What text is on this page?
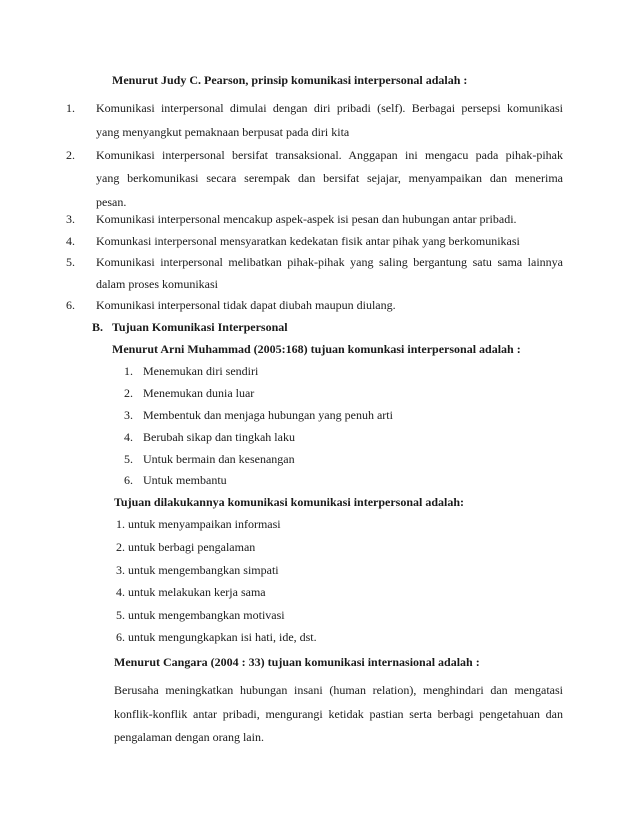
Menurut Judy C. Pearson, prinsip komunikasi interpersonal adalah :
1. Komunikasi interpersonal dimulai dengan diri pribadi (self). Berbagai persepsi komunikasi
yang menyangkut pemaknaan berpusat pada diri kita
2. Komunikasi interpersonal bersifat transaksional. Anggapan ini mengacu pada pihak-pihak
yang berkomunikasi secara serempak dan bersifat sejajar, menyampaikan dan menerima
pesan.
3. Komunikasi interpersonal mencakup aspek-aspek isi pesan dan hubungan antar pribadi.
4. Komunkasi interpersonal mensyaratkan kedekatan fisik antar pihak yang berkomunikasi
5. Komunikasi interpersonal melibatkan pihak-pihak yang saling bergantung satu sama lainnya
dalam proses komunikasi
6. Komunikasi interpersonal tidak dapat diubah maupun diulang.
B. Tujuan Komunikasi Interpersonal
Menurut Arni Muhammad (2005:168) tujuan komunkasi interpersonal adalah :
1. Menemukan diri sendiri
2. Menemukan dunia luar
3. Membentuk dan menjaga hubungan yang penuh arti
4. Berubah sikap dan tingkah laku
5. Untuk bermain dan kesenangan
6. Untuk membantu
Tujuan dilakukannya komunikasi komunikasi interpersonal adalah:
1. untuk menyampaikan informasi
2. untuk berbagi pengalaman
3. untuk mengembangkan simpati
4. untuk melakukan kerja sama
5. untuk mengembangkan motivasi
6. untuk mengungkapkan isi hati, ide, dst.
Menurut Cangara (2004 : 33) tujuan komunikasi internasional adalah :
Berusaha meningkatkan hubungan insani (human relation), menghindari dan mengatasi
konflik-konflik antar pribadi, mengurangi ketidak pastian serta berbagi pengetahuan dan
pengalaman dengan orang lain.
